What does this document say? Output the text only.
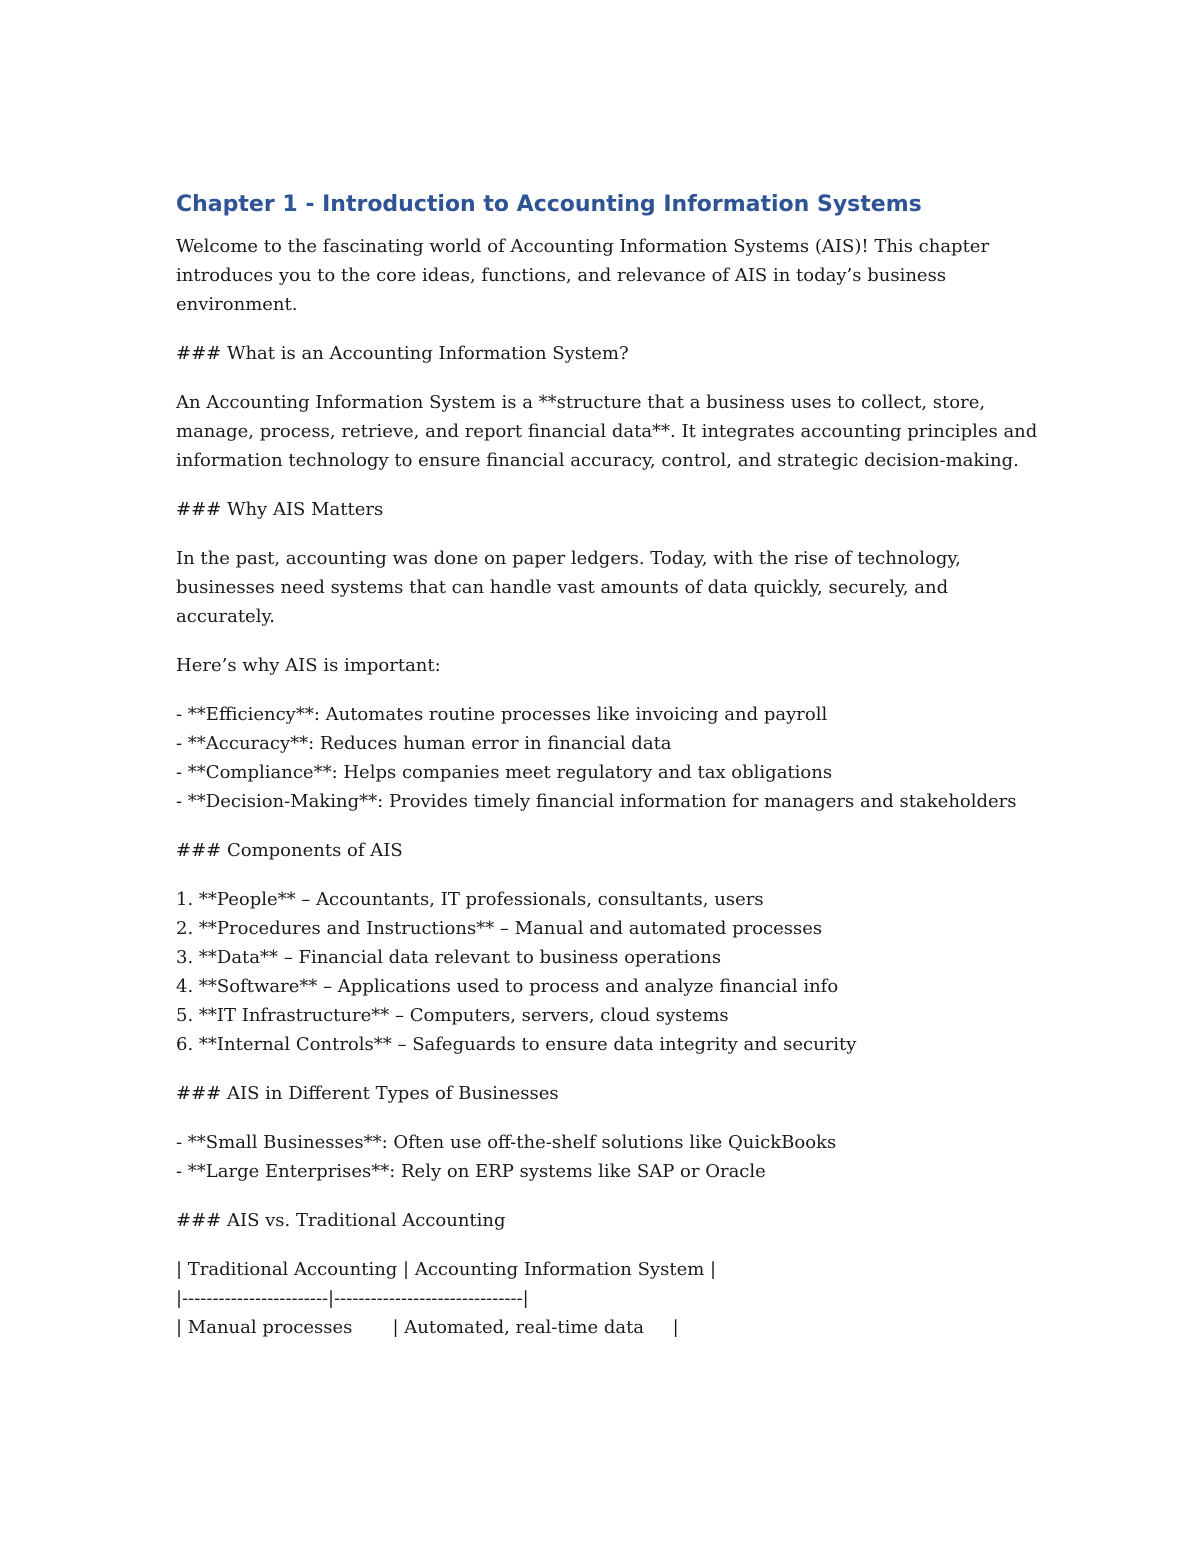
Chapter 1 - Introduction to Accounting Information Systems

Welcome to the fascinating world of Accounting Information Systems (AIS)! This chapter introduces you to the core ideas, functions, and relevance of AIS in today’s business environment.

### What is an Accounting Information System?

An Accounting Information System is a **structure that a business uses to collect, store, manage, process, retrieve, and report financial data**. It integrates accounting principles and information technology to ensure financial accuracy, control, and strategic decision-making.

### Why AIS Matters

In the past, accounting was done on paper ledgers. Today, with the rise of technology, businesses need systems that can handle vast amounts of data quickly, securely, and accurately.

Here’s why AIS is important:

- **Efficiency**: Automates routine processes like invoicing and payroll
- **Accuracy**: Reduces human error in financial data
- **Compliance**: Helps companies meet regulatory and tax obligations
- **Decision-Making**: Provides timely financial information for managers and stakeholders

### Components of AIS

1. **People** – Accountants, IT professionals, consultants, users
2. **Procedures and Instructions** – Manual and automated processes
3. **Data** – Financial data relevant to business operations
4. **Software** – Applications used to process and analyze financial info
5. **IT Infrastructure** – Computers, servers, cloud systems
6. **Internal Controls** – Safeguards to ensure data integrity and security

### AIS in Different Types of Businesses

- **Small Businesses**: Often use off-the-shelf solutions like QuickBooks
- **Large Enterprises**: Rely on ERP systems like SAP or Oracle

### AIS vs. Traditional Accounting

| Traditional Accounting | Accounting Information System |
|------------------------|-------------------------------|
| Manual processes       | Automated, real-time data     |
